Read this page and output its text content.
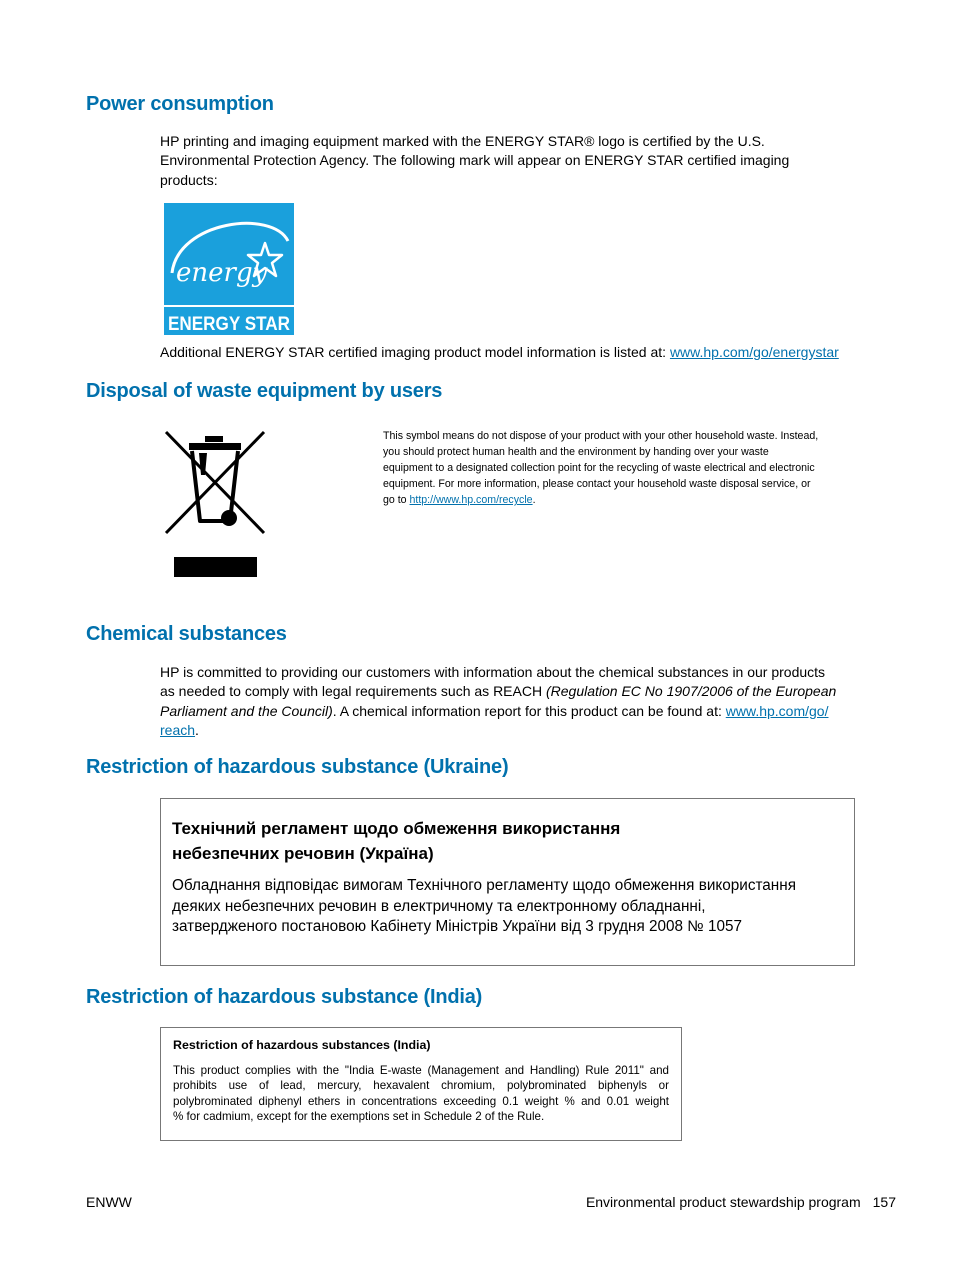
Power consumption

HP printing and imaging equipment marked with the ENERGY STAR® logo is certified by the U.S.
Environmental Protection Agency. The following mark will appear on ENERGY STAR certified imaging
products:

energy
ENERGY STAR

Additional ENERGY STAR certified imaging product model information is listed at: www.hp.com/go/energystar

Disposal of waste equipment by users
This symbol means do not dispose of your product with your other household waste. Instead,
you should protect human health and the environment by handing over your waste
equipment to a designated collection point for the recycling of waste electrical and electronic
equipment. For more information, please contact your household waste disposal service, or
go to http://www.hp.com/recycle.
Chemical substances

HP is committed to providing our customers with information about the chemical substances in our products
as needed to comply with legal requirements such as REACH (Regulation EC No 1907/2006 of the European
Parliament and the Council). A chemical information report for this product can be found at: www.hp.com/go/
reach.

Restriction of hazardous substance (Ukraine)
Технічний регламент щодо обмеження використання
небезпечних речовин (Україна)
Обладнання відповідає вимогам Технічного регламенту щодо обмеження використання
деяких небезпечних речовин в електричному та електронному обладнанні,
затвердженого постановою Кабінету Міністрів України від 3 грудня 2008 № 1057
Restriction of hazardous substance (India)
Restriction of hazardous substances (India)
This product complies with the "India E-waste (Management and Handling) Rule 2011" and
prohibits use of lead, mercury, hexavalent chromium, polybrominated biphenyls or
polybrominated diphenyl ethers in concentrations exceeding 0.1 weight % and 0.01 weight
% for cadmium, except for the exemptions set in Schedule 2 of the Rule.
ENWW	Environmental product stewardship program 157
